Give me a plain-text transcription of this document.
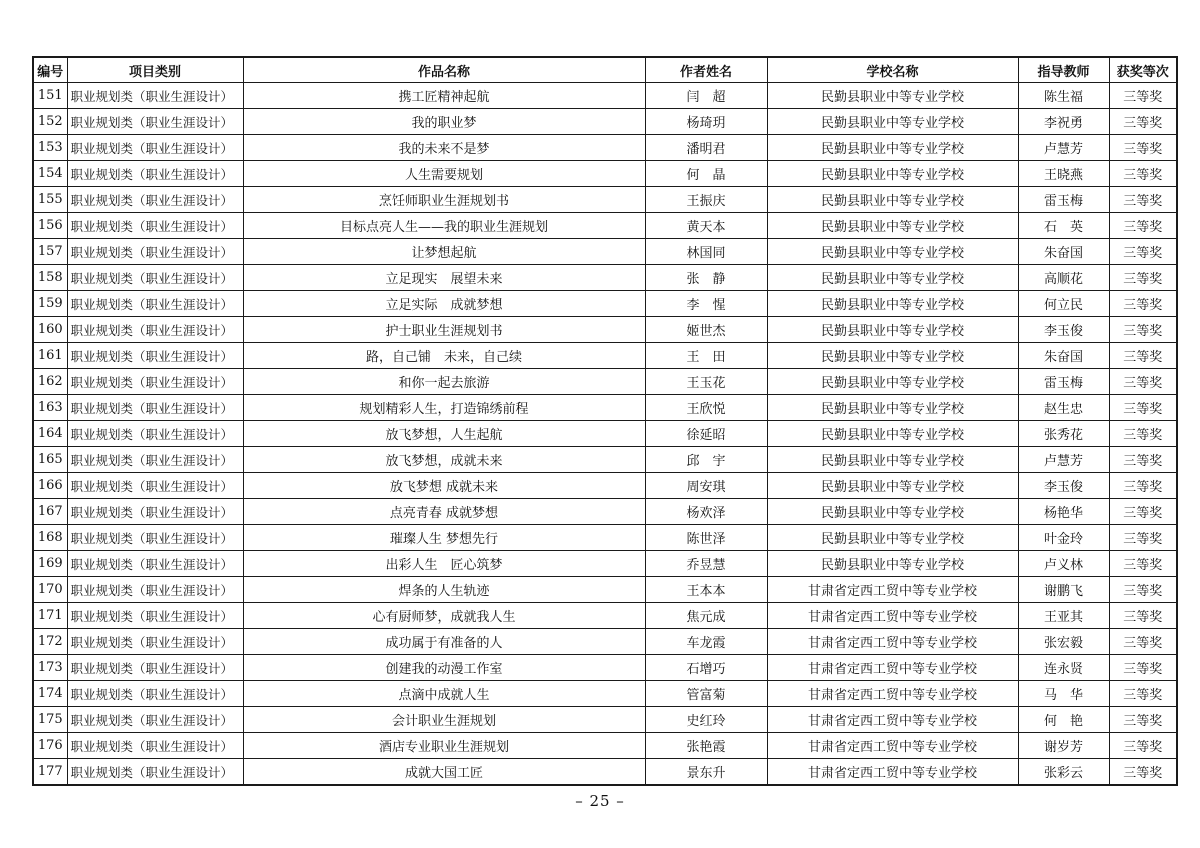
编号	项目类别	作品名称	作者姓名	学校名称	指导教师	获奖等次
151	职业规划类（职业生涯设计）	携工匠精神起航	闫　超	民勤县职业中等专业学校	陈生福	三等奖
152	职业规划类（职业生涯设计）	我的职业梦	杨琦玥	民勤县职业中等专业学校	李祝勇	三等奖
153	职业规划类（职业生涯设计）	我的未来不是梦	潘明君	民勤县职业中等专业学校	卢慧芳	三等奖
154	职业规划类（职业生涯设计）	人生需要规划	何　晶	民勤县职业中等专业学校	王晓燕	三等奖
155	职业规划类（职业生涯设计）	烹饪师职业生涯规划书	王振庆	民勤县职业中等专业学校	雷玉梅	三等奖
156	职业规划类（职业生涯设计）	目标点亮人生——我的职业生涯规划	黄天本	民勤县职业中等专业学校	石　英	三等奖
157	职业规划类（职业生涯设计）	让梦想起航	林国同	民勤县职业中等专业学校	朱奋国	三等奖
158	职业规划类（职业生涯设计）	立足现实　展望未来	张　静	民勤县职业中等专业学校	高顺花	三等奖
159	职业规划类（职业生涯设计）	立足实际　成就梦想	李　惺	民勤县职业中等专业学校	何立民	三等奖
160	职业规划类（职业生涯设计）	护士职业生涯规划书	姬世杰	民勤县职业中等专业学校	李玉俊	三等奖
161	职业规划类（职业生涯设计）	路，自己铺　未来，自己续	王　田	民勤县职业中等专业学校	朱奋国	三等奖
162	职业规划类（职业生涯设计）	和你一起去旅游	王玉花	民勤县职业中等专业学校	雷玉梅	三等奖
163	职业规划类（职业生涯设计）	规划精彩人生，打造锦绣前程	王欣悦	民勤县职业中等专业学校	赵生忠	三等奖
164	职业规划类（职业生涯设计）	放飞梦想，人生起航	徐延昭	民勤县职业中等专业学校	张秀花	三等奖
165	职业规划类（职业生涯设计）	放飞梦想，成就未来	邱　宇	民勤县职业中等专业学校	卢慧芳	三等奖
166	职业规划类（职业生涯设计）	放飞梦想 成就未来	周安琪	民勤县职业中等专业学校	李玉俊	三等奖
167	职业规划类（职业生涯设计）	点亮青春 成就梦想	杨欢泽	民勤县职业中等专业学校	杨艳华	三等奖
168	职业规划类（职业生涯设计）	璀璨人生 梦想先行	陈世泽	民勤县职业中等专业学校	叶金玲	三等奖
169	职业规划类（职业生涯设计）	出彩人生　匠心筑梦	乔昱慧	民勤县职业中等专业学校	卢义林	三等奖
170	职业规划类（职业生涯设计）	焊条的人生轨迹	王本本	甘肃省定西工贸中等专业学校	谢鹏飞	三等奖
171	职业规划类（职业生涯设计）	心有厨师梦，成就我人生	焦元成	甘肃省定西工贸中等专业学校	王亚其	三等奖
172	职业规划类（职业生涯设计）	成功属于有准备的人	车龙霞	甘肃省定西工贸中等专业学校	张宏毅	三等奖
173	职业规划类（职业生涯设计）	创建我的动漫工作室	石增巧	甘肃省定西工贸中等专业学校	连永贤	三等奖
174	职业规划类（职业生涯设计）	点滴中成就人生	管富菊	甘肃省定西工贸中等专业学校	马　华	三等奖
175	职业规划类（职业生涯设计）	会计职业生涯规划	史红玲	甘肃省定西工贸中等专业学校	何　艳	三等奖
176	职业规划类（职业生涯设计）	酒店专业职业生涯规划	张艳霞	甘肃省定西工贸中等专业学校	谢岁芳	三等奖
177	职业规划类（职业生涯设计）	成就大国工匠	景东升	甘肃省定西工贸中等专业学校	张彩云	三等奖
– 25 –
